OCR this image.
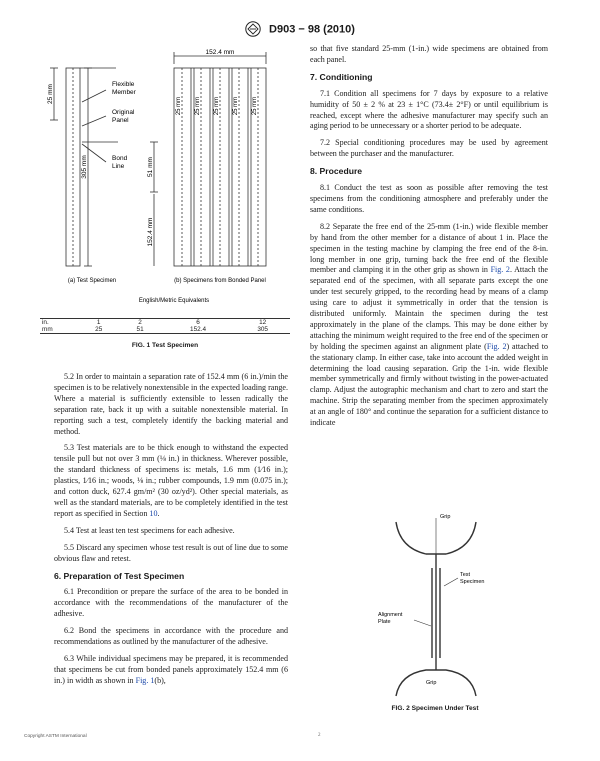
D903 − 98 (2010)
Flexible
Member
Original
Panel
Bond
Line
152.4 mm
25 mm
305 mm	51 mm
152.4 mm
25 mm 25 mm 25 mm 25 mm 25 mm
(a) Test Specimen	(b) Specimens from Bonded Panel
English/Metric Equivalents
in.	1	2	6	12
mm	25	51	152.4	305
FIG. 1 Test Specimen

5.2 In order to maintain a separation rate of 152.4 mm (6 in.)/min the specimen is to be relatively nonextensible in the expected loading range. Where a material is sufficiently extensible to lessen radically the separation rate, back it up with a suitable nonextensible material. In reporting such a test, completely identify the backing material and method.

5.3 Test materials are to be thick enough to withstand the expected tensile pull but not over 3 mm (⅛ in.) in thickness. Wherever possible, the standard thickness of specimens is: metals, 1.6 mm (1⁄16 in.); plastics, 1⁄16 in.; woods, ⅛ in.; rubber compounds, 1.9 mm (0.075 in.); and cotton duck, 627.4 gm/m² (30 oz/yd²). Other special materials, as well as the standard materials, are to be completely identified in the test report as specified in Section 10.

5.4 Test at least ten test specimens for each adhesive.

5.5 Discard any specimen whose test result is out of line due to some obvious flaw and retest.

6. Preparation of Test Specimen

6.1 Precondition or prepare the surface of the area to be bonded in accordance with the recommendations of the manufacturer of the adhesive.

6.2 Bond the specimens in accordance with the procedure and recommendations as outlined by the manufacturer of the adhesive.

6.3 While individual specimens may be prepared, it is recommended that specimens be cut from bonded panels approximately 152.4 mm (6 in.) in width as shown in Fig. 1(b),

so that five standard 25-mm (1-in.) wide specimens are obtained from each panel.

7. Conditioning

7.1 Condition all specimens for 7 days by exposure to a relative humidity of 50 ± 2 % at 23 ± 1°C (73.4± 2°F) or until equilibrium is reached, except where the adhesive manufacturer may specify such an aging period to be unnecessary or a shorter period to be adequate.

7.2 Special conditioning procedures may be used by agreement between the purchaser and the manufacturer.

8. Procedure

8.1 Conduct the test as soon as possible after removing the test specimens from the conditioning atmosphere and preferably under the same conditions.

8.2 Separate the free end of the 25-mm (1-in.) wide flexible member by hand from the other member for a distance of about 1 in. Place the specimen in the testing machine by clamping the free end of the 8-in. long member in one grip, turning back the free end of the flexible member and clamping it in the other grip as shown in Fig. 2. Attach the separated end of the specimen, with all separate parts except the one under test securely gripped, to the recording head by means of a clamp using care to adjust it symmetrically in order that the tension is distributed uniformly. Maintain the specimen during the test approximately in the plane of the clamps. This may be done either by attaching the minimum weight required to the free end of the specimen or by holding the specimen against an alignment plate (Fig. 2) attached to the stationary clamp. In either case, take into account the added weight in determining the load causing separation. Grip the 1-in. wide flexible member symmetrically and firmly without twisting in the power-actuated clamp. Adjust the autographic mechanism and chart to zero and start the machine. Strip the separating member from the specimen approximately at an angle of 180° and continue the separation for a sufficient distance to indicate

Grip
Test
Specimen
Alignment
Plate
Grip
FIG. 2 Specimen Under Test
Copyright ASTM International	2
